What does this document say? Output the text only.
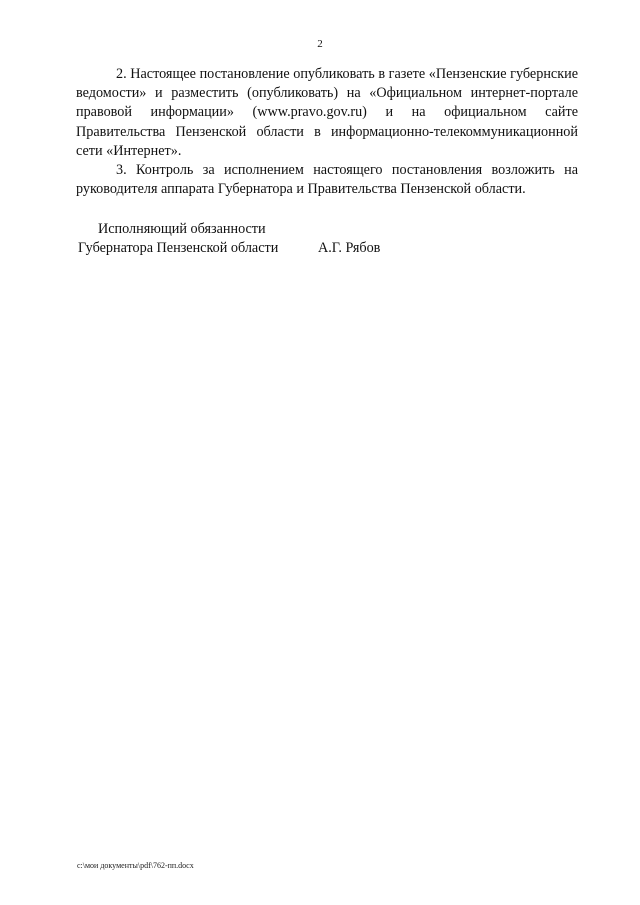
2

2. Настоящее постановление опубликовать в газете «Пензенские губернские ведомости» и разместить (опубликовать) на «Официальном интернет-портале правовой информации» (www.pravo.gov.ru) и на официальном сайте Правительства Пензенской области в информационно-телекоммуникационной сети «Интернет».

3. Контроль за исполнением настоящего постановления возложить на руководителя аппарата Губернатора и Правительства Пензенской области.

Исполняющий обязанности
Губернатора Пензенской области	А.Г. Рябов
c:\мои документы\pdf\762-пп.docx
